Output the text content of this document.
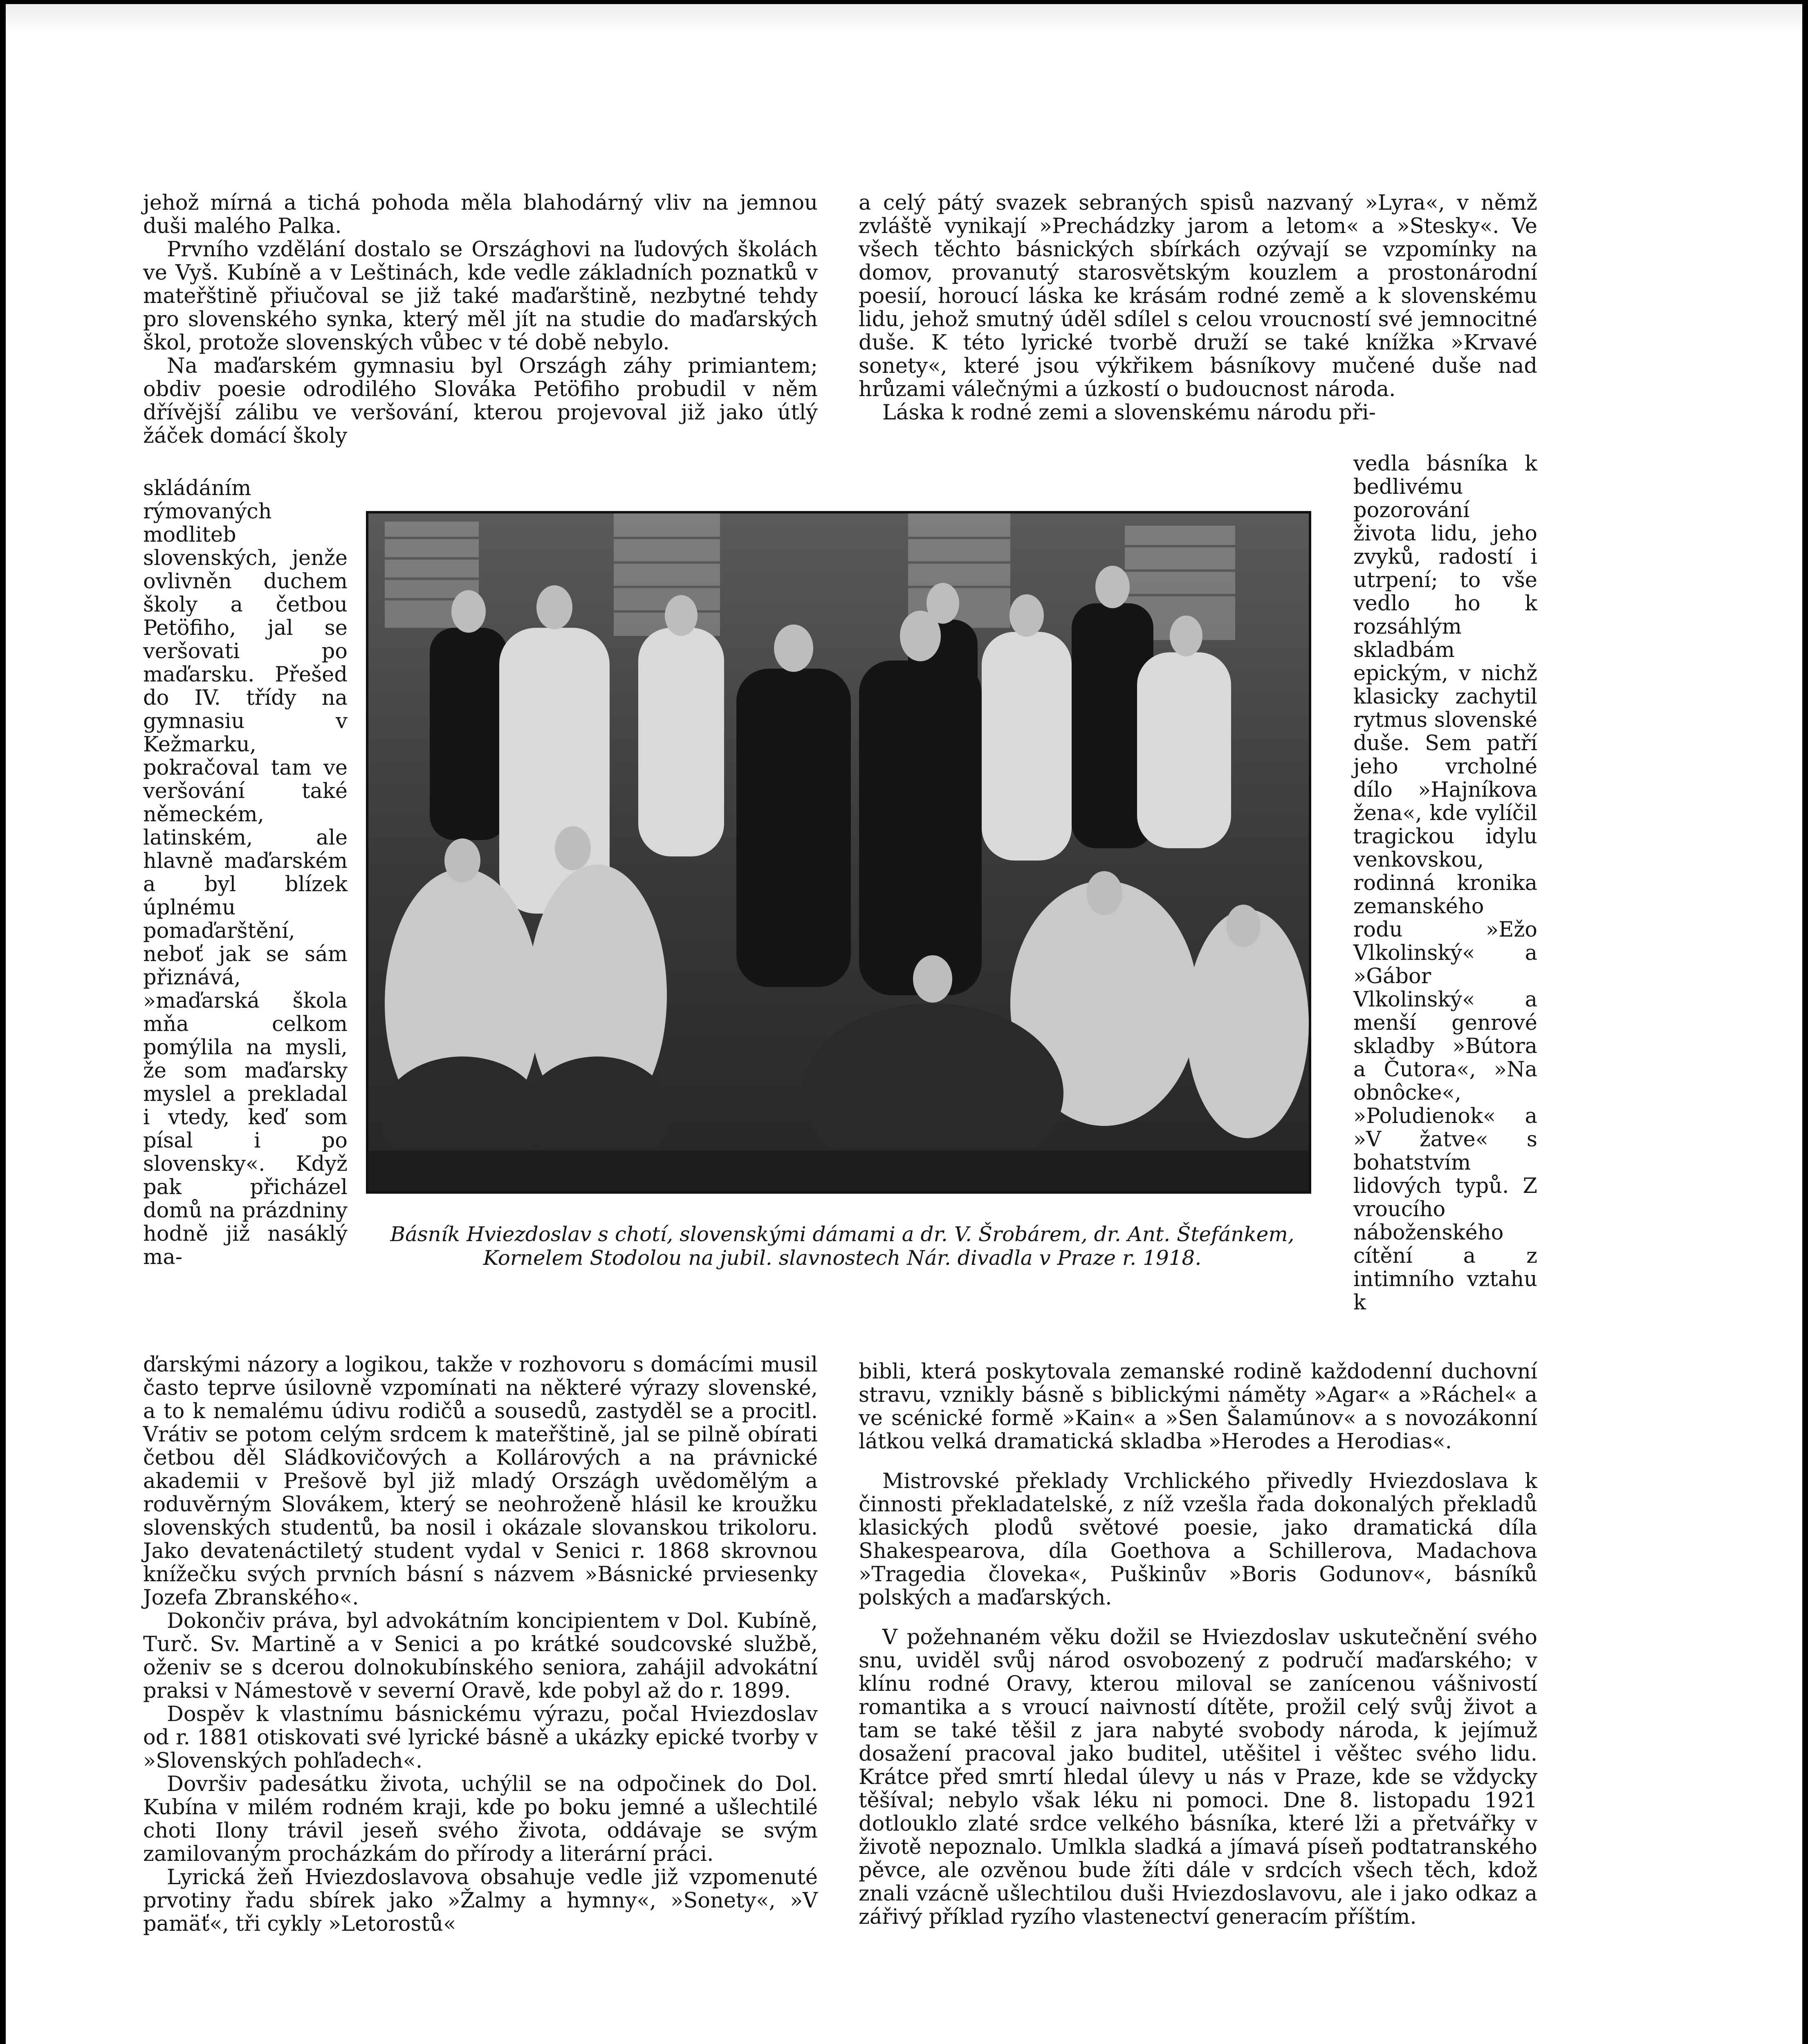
jehož mírná a tichá pohoda měla blahodárný vliv na jemnou duši malého Palka.

Prvního vzdělání dostalo se Országhovi na ľudových školách ve Vyš. Kubíně a v Leštinách, kde vedle základních poznatků v mateřštině přiučoval se již také maďarštině, nezbytné tehdy pro slovenského synka, který měl jít na studie do maďarských škol, protože slovenských vůbec v té době nebylo.

Na maďarském gymnasiu byl Országh záhy primiantem; obdiv poesie odrodilého Slováka Petöfiho probudil v něm dřívější zálibu ve veršování, kterou projevoval již jako útlý žáček domácí školy

skládáním rýmovaných modliteb slovenských, jenže ovlivněn duchem školy a četbou Petöfiho, jal se veršovati po maďarsku. Přešed do IV. třídy na gymnasiu v Kežmarku, pokračoval tam ve veršování také německém, latinském, ale hlavně maďarském a byl blízek úplnému pomaďarštění, neboť jak se sám přiznává, »maďarská škola mňa celkom pomýlila na mysli, že som maďarsky myslel a prekladal i vtedy, keď som písal i po slovensky«. Když pak přicházel domů na prázdniny hodně již nasáklý ma-

a celý pátý svazek sebraných spisů nazvaný »Lyra«, v němž zvláště vynikají »Prechádzky jarom a letom« a »Stesky«. Ve všech těchto básnických sbírkách ozývají se vzpomínky na domov, provanutý starosvětským kouzlem a prostonárodní poesií, horoucí láska ke krásám rodné země a k slovenskému lidu, jehož smutný úděl sdílel s celou vroucností své jemnocitné duše. K této lyrické tvorbě druží se také knížka »Krvavé sonety«, které jsou výkřikem básníkovy mučené duše nad hrůzami válečnými a úzkostí o budoucnost národa.

Láska k rodné zemi a slovenskému národu při-

vedla básníka k bedlivému pozorování života lidu, jeho zvyků, radostí i utrpení; to vše vedlo ho k rozsáhlým skladbám epickým, v nichž klasicky zachytil rytmus slovenské duše. Sem patří jeho vrcholné dílo »Hajníkova žena«, kde vylíčil tragickou idylu venkovskou, rodinná kronika zemanského rodu »Ežo Vlkolinský« a »Gábor Vlkolinský« a menší genrové skladby »Bútora a Čutora«, »Na obnôcke«, »Poludienok« a »V žatve« s bohatstvím lidových typů. Z vroucího náboženského cítění a z intimního vztahu k

Básník Hviezdoslav s chotí, slovenskými dámami a dr. V. Šrobárem, dr. Ant. Štefánkem, Kornelem Stodolou na jubil. slavnostech Nár. divadla v Praze r. 1918.

ďarskými názory a logikou, takže v rozhovoru s domácími musil často teprve úsilovně vzpomínati na některé výrazy slovenské, a to k nemalému údivu rodičů a sousedů, zastyděl se a procitl. Vrátiv se potom celým srdcem k mateřštině, jal se pilně obírati četbou děl Sládkovičových a Kollárových a na právnické akademii v Prešově byl již mladý Országh uvědomělým a roduvěrným Slovákem, který se neohroženě hlásil ke kroužku slovenských studentů, ba nosil i okázale slovanskou trikoloru. Jako devatenáctiletý student vydal v Senici r. 1868 skrovnou knížečku svých prvních básní s názvem »Básnické prviesenky Jozefa Zbranského«.

Dokončiv práva, byl advokátním koncipientem v Dol. Kubíně, Turč. Sv. Martině a v Senici a po krátké soudcovské službě, oženiv se s dcerou dolnokubínského seniora, zahájil advokátní praksi v Námestově v severní Oravě, kde pobyl až do r. 1899.

Dospěv k vlastnímu básnickému výrazu, počal Hviezdoslav od r. 1881 otiskovati své lyrické básně a ukázky epické tvorby v »Slovenských pohľadech«.

Dovršiv padesátku života, uchýlil se na odpočinek do Dol. Kubína v milém rodném kraji, kde po boku jemné a ušlechtilé choti Ilony trávil jeseň svého života, oddávaje se svým zamilovaným procházkám do přírody a literární práci.

Lyrická žeň Hviezdoslavova obsahuje vedle již vzpomenuté prvotiny řadu sbírek jako »Žalmy a hymny«, »Sonety«, »V pamäť«, tři cykly »Letorostů«

bibli, která poskytovala zemanské rodině každodenní duchovní stravu, vznikly básně s biblickými náměty »Agar« a »Ráchel« a ve scénické formě »Kain« a »Sen Šalamúnov« a s novozákonní látkou velká dramatická skladba »Herodes a Herodias«.

Mistrovské překlady Vrchlického přivedly Hviezdoslava k činnosti překladatelské, z níž vzešla řada dokonalých překladů klasických plodů světové poesie, jako dramatická díla Shakespearova, díla Goethova a Schillerova, Madachova »Tragedia človeka«, Puškinův »Boris Godunov«, básníků polských a maďarských.

V požehnaném věku dožil se Hviezdoslav uskutečnění svého snu, uviděl svůj národ osvobozený z područí maďarského; v klínu rodné Oravy, kterou miloval se zanícenou vášnivostí romantika a s vroucí naivností dítěte, prožil celý svůj život a tam se také těšil z jara nabyté svobody národa, k jejímuž dosažení pracoval jako buditel, utěšitel i věštec svého lidu. Krátce před smrtí hledal úlevy u nás v Praze, kde se vždycky těšíval; nebylo však léku ni pomoci. Dne 8. listopadu 1921 dotlouklo zlaté srdce velkého básníka, které lži a přetvářky v životě nepoznalo. Umlkla sladká a jímavá píseň podtatranského pěvce, ale ozvěnou bude žíti dále v srdcích všech těch, kdož znali vzácně ušlechtilou duši Hviezdoslavovu, ale i jako odkaz a zářivý příklad ryzího vlastenectví generacím příštím.
